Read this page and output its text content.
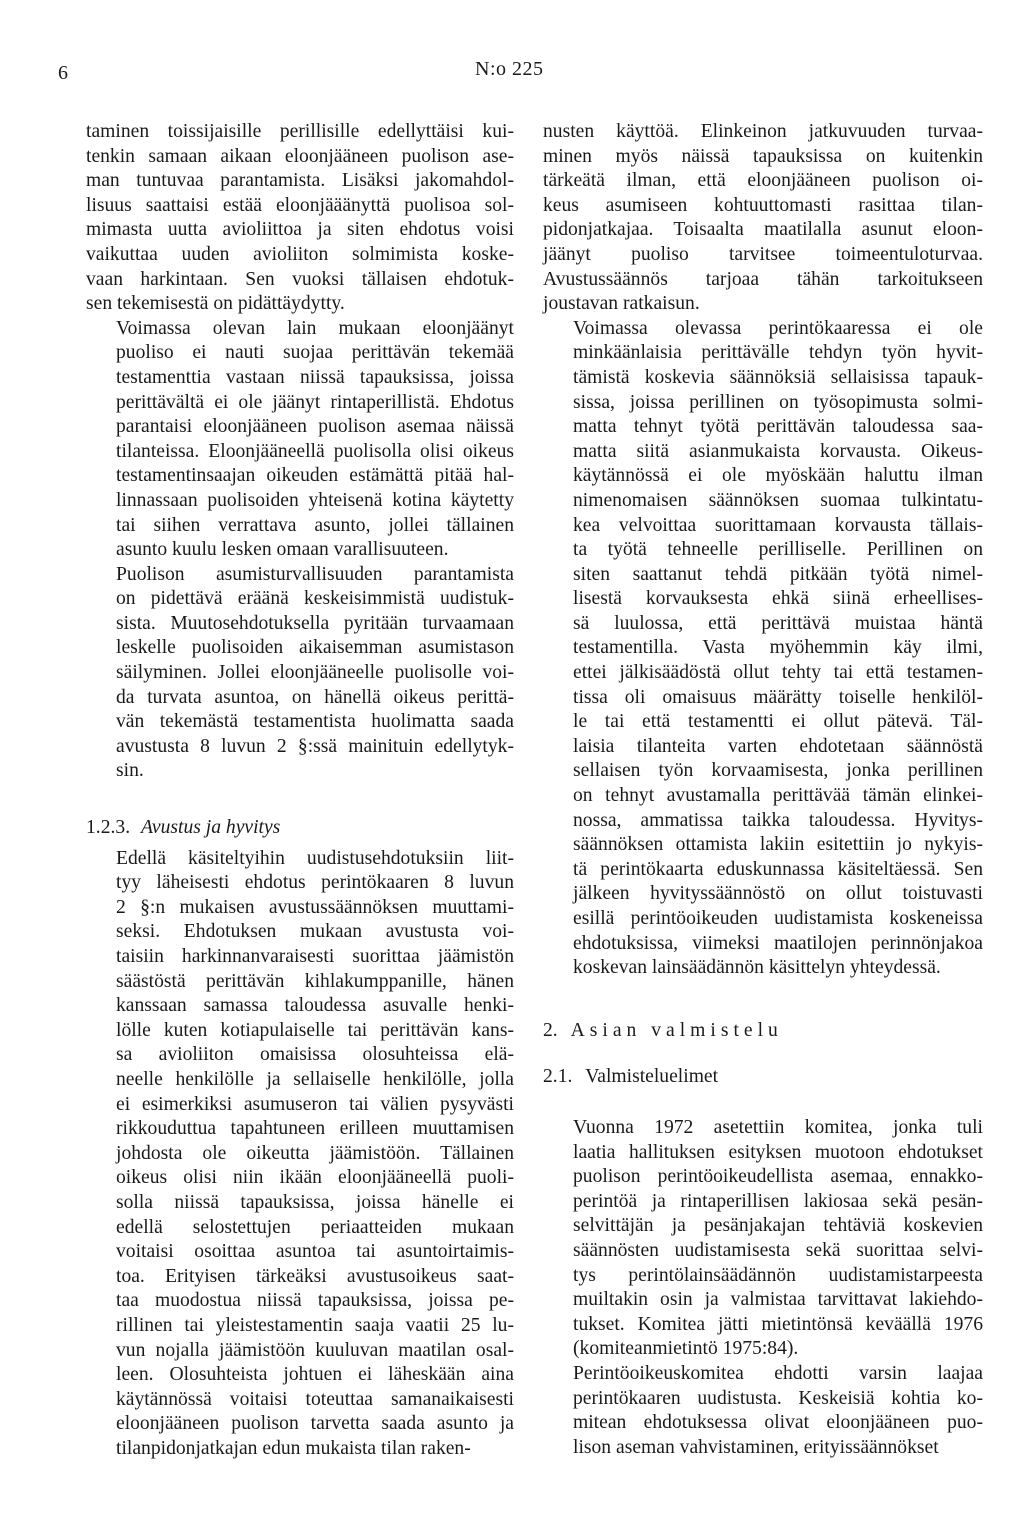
6	N:o 225

taminen toissijaisille perillisille edellyttäisi kui-
tenkin samaan aikaan eloonjääneen puolison ase-
man tuntuvaa parantamista. Lisäksi jakomahdol-
lisuus saattaisi estää eloonjääänyttä puolisoa sol-
mimasta uutta avioliittoa ja siten ehdotus voisi
vaikuttaa uuden avioliiton solmimista koske-
vaan harkintaan. Sen vuoksi tällaisen ehdotuk-
sen tekemisestä on pidättäydytty.

Voimassa olevan lain mukaan eloonjäänyt
puoliso ei nauti suojaa perittävän tekemää
testamenttia vastaan niissä tapauksissa, joissa
perittävältä ei ole jäänyt rintaperillistä. Ehdotus
parantaisi eloonjääneen puolison asemaa näissä
tilanteissa. Eloonjääneellä puolisolla olisi oikeus
testamentinsaajan oikeuden estämättä pitää hal-
linnassaan puolisoiden yhteisenä kotina käytetty
tai siihen verrattava asunto, jollei tällainen
asunto kuulu lesken omaan varallisuuteen.

Puolison asumisturvallisuuden parantamista
on pidettävä eräänä keskeisimmistä uudistuk-
sista. Muutosehdotuksella pyritään turvaamaan
leskelle puolisoiden aikaisemman asumistason
säilyminen. Jollei eloonjääneelle puolisolle voi-
da turvata asuntoa, on hänellä oikeus perittä-
vän tekemästä testamentista huolimatta saada
avustusta 8 luvun 2 §:ssä mainituin edellytyk-
sin.

1.2.3. Avustus ja hyvitys

Edellä käsiteltyihin uudistusehdotuksiin liit-
tyy läheisesti ehdotus perintökaaren 8 luvun
2 §:n mukaisen avustussäännöksen muuttami-
seksi. Ehdotuksen mukaan avustusta voi-
taisiin harkinnanvaraisesti suorittaa jäämistön
säästöstä perittävän kihlakumppanille, hänen
kanssaan samassa taloudessa asuvalle henki-
lölle kuten kotiapulaiselle tai perittävän kans-
sa avioliiton omaisissa olosuhteissa elä-
neelle henkilölle ja sellaiselle henkilölle, jolla
ei esimerkiksi asumuseron tai välien pysyvästi
rikkouduttua tapahtuneen erilleen muuttamisen
johdosta ole oikeutta jäämistöön. Tällainen
oikeus olisi niin ikään eloonjääneellä puoli-
solla niissä tapauksissa, joissa hänelle ei
edellä selostettujen periaatteiden mukaan
voitaisi osoittaa asuntoa tai asuntoirtaimis-
toa. Erityisen tärkeäksi avustusoikeus saat-
taa muodostua niissä tapauksissa, joissa pe-
rillinen tai yleistestamentin saaja vaatii 25 lu-
vun nojalla jäämistöön kuuluvan maatilan osal-
leen. Olosuhteista johtuen ei läheskään aina
käytännössä voitaisi toteuttaa samanaikaisesti
eloonjääneen puolison tarvetta saada asunto ja
tilanpidonjatkajan edun mukaista tilan raken-

nusten käyttöä. Elinkeinon jatkuvuuden turvaa-
minen myös näissä tapauksissa on kuitenkin
tärkeätä ilman, että eloonjääneen puolison oi-
keus asumiseen kohtuuttomasti rasittaa tilan-
pidonjatkajaa. Toisaalta maatilalla asunut eloon-
jäänyt puoliso tarvitsee toimeentuloturvaa.
Avustussäännös tarjoaa tähän tarkoitukseen
joustavan ratkaisun.

Voimassa olevassa perintökaaressa ei ole
minkäänlaisia perittävälle tehdyn työn hyvit-
tämistä koskevia säännöksiä sellaisissa tapauk-
sissa, joissa perillinen on työsopimusta solmi-
matta tehnyt työtä perittävän taloudessa saa-
matta siitä asianmukaista korvausta. Oikeus-
käytännössä ei ole myöskään haluttu ilman
nimenomaisen säännöksen suomaa tulkintatu-
kea velvoittaa suorittamaan korvausta tällais-
ta työtä tehneelle perilliselle. Perillinen on
siten saattanut tehdä pitkään työtä nimel-
lisestä korvauksesta ehkä siinä erheellises-
sä luulossa, että perittävä muistaa häntä
testamentilla. Vasta myöhemmin käy ilmi,
ettei jälkisäädöstä ollut tehty tai että testamen-
tissa oli omaisuus määrätty toiselle henkilöl-
le tai että testamentti ei ollut pätevä. Täl-
laisia tilanteita varten ehdotetaan säännöstä
sellaisen työn korvaamisesta, jonka perillinen
on tehnyt avustamalla perittävää tämän elinkei-
nossa, ammatissa taikka taloudessa. Hyvitys-
säännöksen ottamista lakiin esitettiin jo nykyis-
tä perintökaarta eduskunnassa käsiteltäessä. Sen
jälkeen hyvityssäännöstö on ollut toistuvasti
esillä perintöoikeuden uudistamista koskeneissa
ehdotuksissa, viimeksi maatilojen perinnönjakoa
koskevan lainsäädännön käsittelyn yhteydessä.

2. Asian valmistelu
2.1. Valmisteluelimet

Vuonna 1972 asetettiin komitea, jonka tuli
laatia hallituksen esityksen muotoon ehdotukset
puolison perintöoikeudellista asemaa, ennakko-
perintöä ja rintaperillisen lakiosaa sekä pesän-
selvittäjän ja pesänjakajan tehtäviä koskevien
säännösten uudistamisesta sekä suorittaa selvi-
tys perintölainsäädännön uudistamistarpeesta
muiltakin osin ja valmistaa tarvittavat lakiehdo-
tukset. Komitea jätti mietintönsä keväällä 1976
(komiteanmietintö 1975:84).

Perintöoikeuskomitea ehdotti varsin laajaa
perintökaaren uudistusta. Keskeisiä kohtia ko-
mitean ehdotuksessa olivat eloonjääneen puo-
lison aseman vahvistaminen, erityissäännökset
